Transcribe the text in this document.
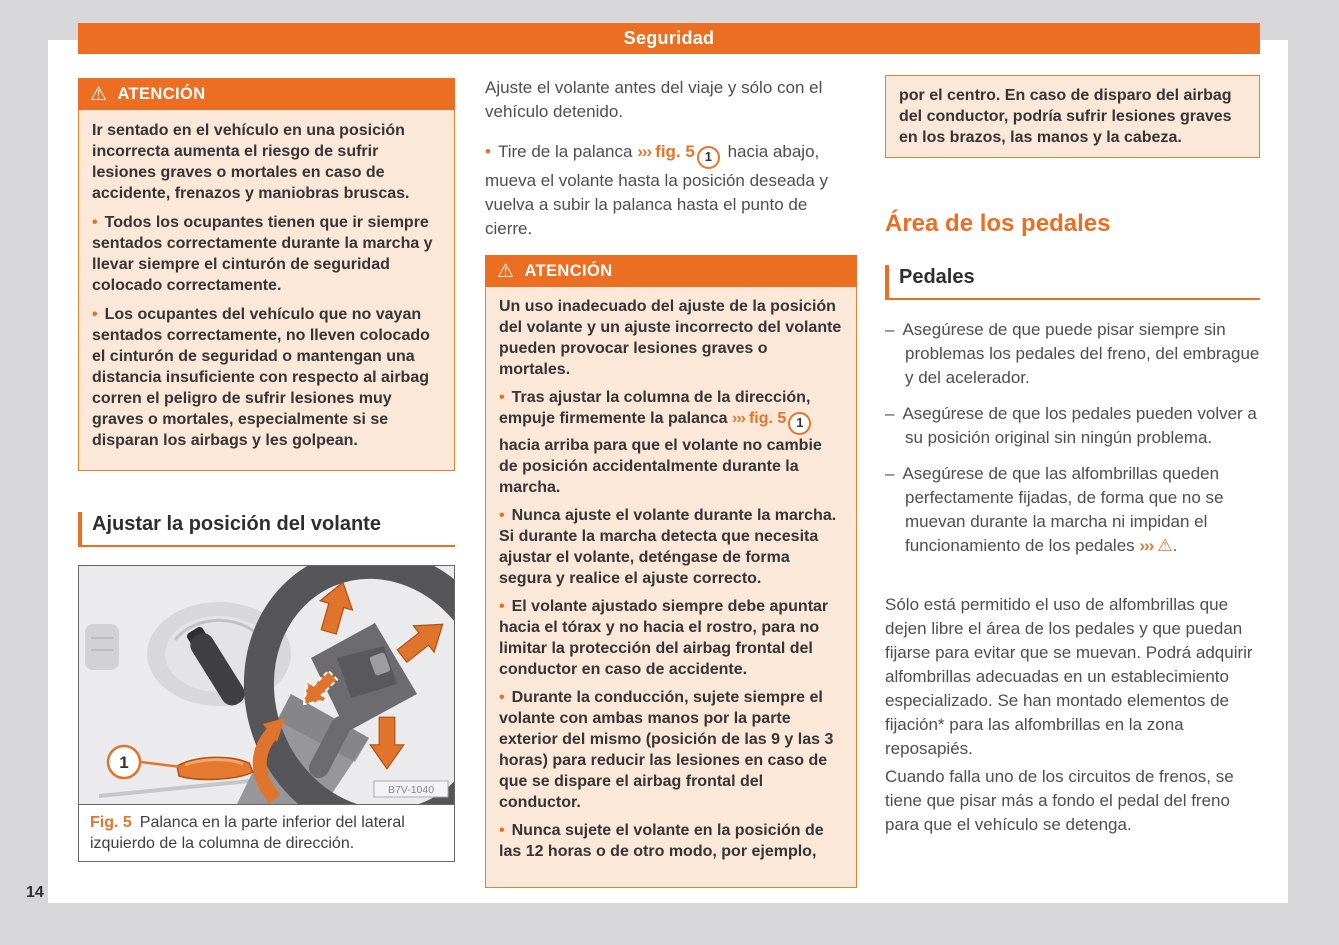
Seguridad
⚠ ATENCIÓN

Ir sentado en el vehículo en una posición incorrecta aumenta el riesgo de sufrir lesiones graves o mortales en caso de accidente, frenazos y maniobras bruscas.

• Todos los ocupantes tienen que ir siempre sentados correctamente durante la marcha y llevar siempre el cinturón de seguridad colocado correctamente.

• Los ocupantes del vehículo que no vayan sentados correctamente, no lleven colocado el cinturón de seguridad o mantengan una distancia insuficiente con respecto al airbag corren el peligro de sufrir lesiones muy graves o mortales, especialmente si se disparan los airbags y les golpean.

Ajustar la posición del volante
1
B7V-1040
Fig. 5 Palanca en la parte inferior del lateral izquierdo de la columna de dirección.

Ajuste el volante antes del viaje y sólo con el vehículo detenido.

• Tire de la palanca ››› fig. 5 1 hacia abajo, mueva el volante hasta la posición deseada y vuelva a subir la palanca hasta el punto de cierre.

⚠ ATENCIÓN

Un uso inadecuado del ajuste de la posición del volante y un ajuste incorrecto del volante pueden provocar lesiones graves o mortales.

• Tras ajustar la columna de la dirección, empuje firmemente la palanca ››› fig. 5 1 hacia arriba para que el volante no cambie de posición accidentalmente durante la marcha.

• Nunca ajuste el volante durante la marcha. Si durante la marcha detecta que necesita ajustar el volante, deténgase de forma segura y realice el ajuste correcto.

• El volante ajustado siempre debe apuntar hacia el tórax y no hacia el rostro, para no limitar la protección del airbag frontal del conductor en caso de accidente.

• Durante la conducción, sujete siempre el volante con ambas manos por la parte exterior del mismo (posición de las 9 y las 3 horas) para reducir las lesiones en caso de que se dispare el airbag frontal del conductor.

• Nunca sujete el volante en la posición de las 12 horas o de otro modo, por ejemplo,

por el centro. En caso de disparo del airbag del conductor, podría sufrir lesiones graves en los brazos, las manos y la cabeza.
Área de los pedales
Pedales

– Asegúrese de que puede pisar siempre sin problemas los pedales del freno, del embrague y del acelerador.

– Asegúrese de que los pedales pueden volver a su posición original sin ningún problema.

– Asegúrese de que las alfombrillas queden perfectamente fijadas, de forma que no se muevan durante la marcha ni impidan el funcionamiento de los pedales ››› ⚠.

Sólo está permitido el uso de alfombrillas que dejen libre el área de los pedales y que puedan fijarse para evitar que se muevan. Podrá adquirir alfombrillas adecuadas en un establecimiento especializado. Se han montado elementos de fijación* para las alfombrillas en la zona reposapiés.

Cuando falla uno de los circuitos de frenos, se tiene que pisar más a fondo el pedal del freno para que el vehículo se detenga.

14
